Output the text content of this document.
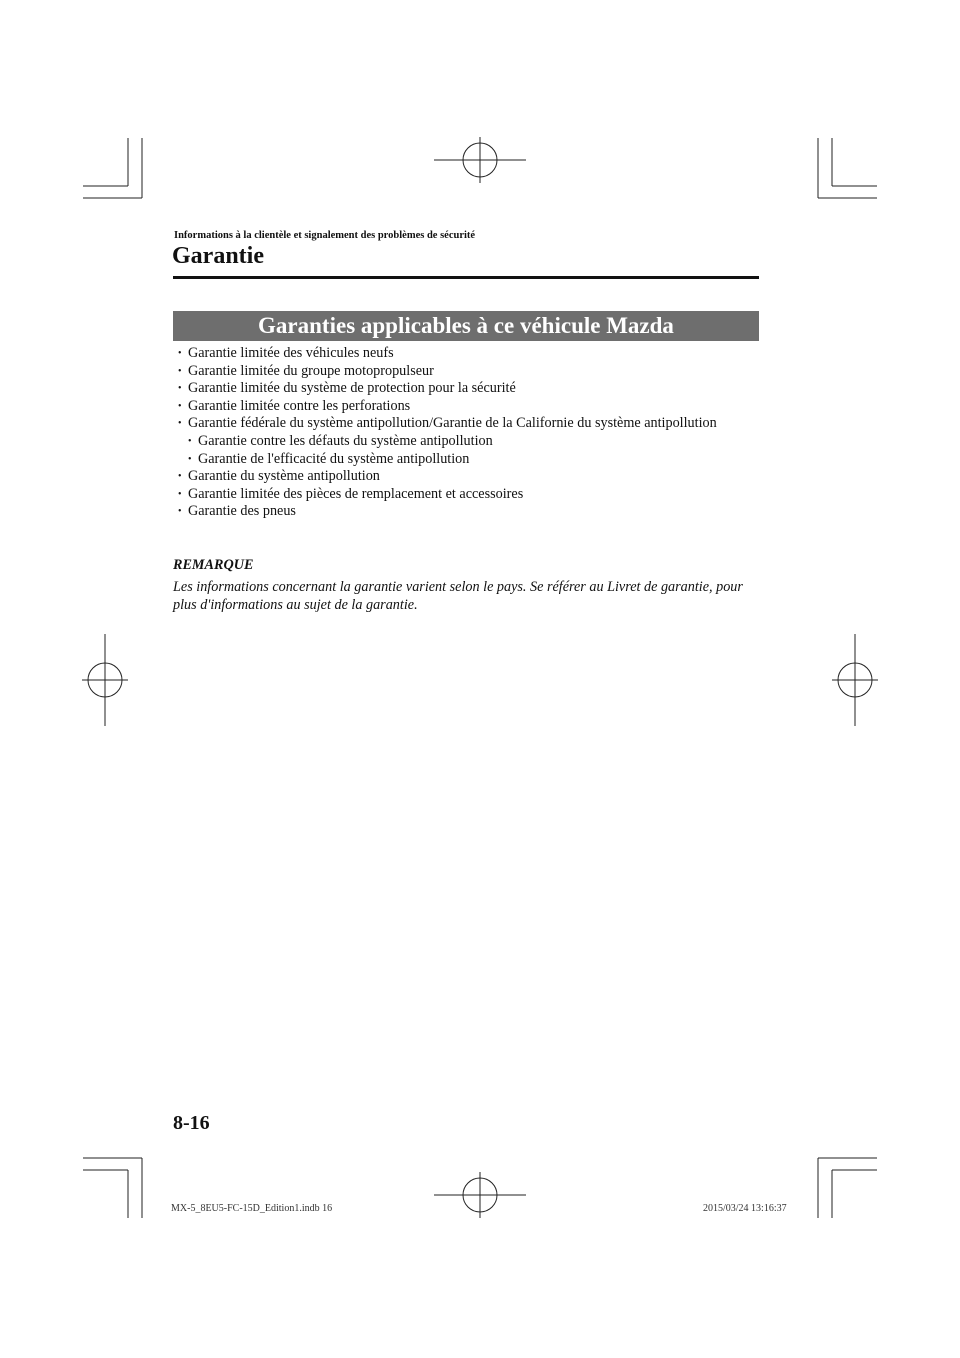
Informations à la clientèle et signalement des problèmes de sécurité
Garantie
Garanties applicables à ce véhicule Mazda
• Garantie limitée des véhicules neufs
• Garantie limitée du groupe motopropulseur
• Garantie limitée du système de protection pour la sécurité
• Garantie limitée contre les perforations
• Garantie fédérale du système antipollution/Garantie de la Californie du système antipollution
• Garantie contre les défauts du système antipollution
• Garantie de l'efficacité du système antipollution
• Garantie du système antipollution
• Garantie limitée des pièces de remplacement et accessoires
• Garantie des pneus
REMARQUE

Les informations concernant la garantie varient selon le pays. Se référer au Livret de garantie, pour plus d'informations au sujet de la garantie.

8-16
MX-5_8EU5-FC-15D_Edition1.indb 16	2015/03/24 13:16:37
